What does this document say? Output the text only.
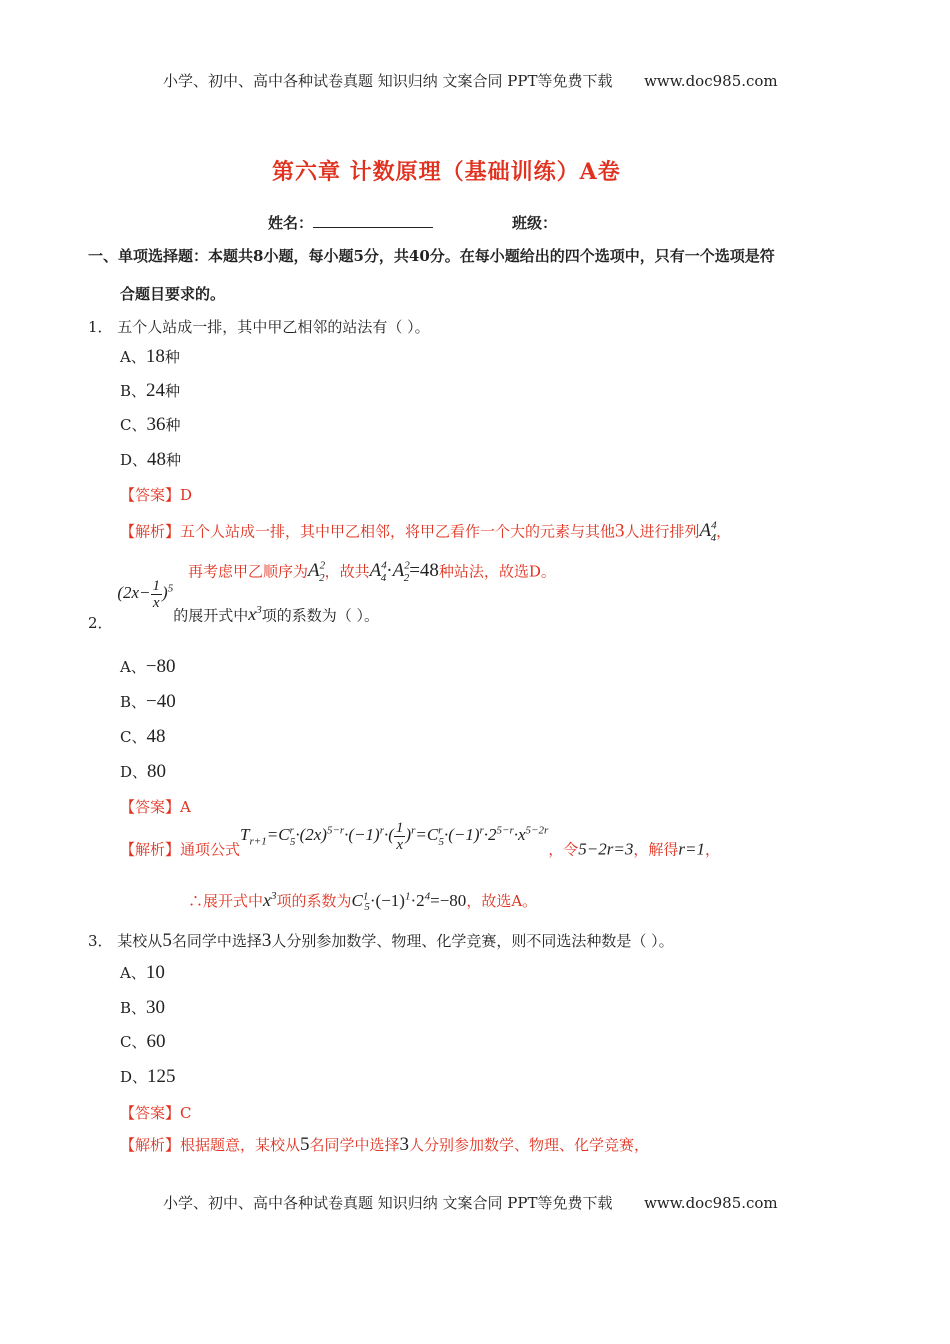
小学、初中、高中各种试卷真题 知识归纳 文案合同 PPT等免费下载 www.doc985.com
第六章 计数原理（基础训练）A卷
姓名：	班级：
一、单项选择题：本题共8小题，每小题5分，共40分。在每小题给出的四个选项中，只有一个选项是符
合题目要求的。
1． 五个人站成一排，其中甲乙相邻的站法有（ ）。
A、18种
B、24种
C、36种
D、48种
【答案】D
【解析】五个人站成一排，其中甲乙相邻，将甲乙看作一个大的元素与其他3人进行排列$A^4_4$，
再考虑甲乙顺序为$A^2_2$，故共$A^4_4\cdot A^2_2=48$种站法，故选D。
2． $(2x- \frac{1}{x} )^5$的展开式中$x^3$项的系数为（ ）。
A、−80
B、−40
C、48
D、80
【答案】A
【解析】通项公式$T_{r+1}=C^r_5\cdot(2x)^{5-r}\cdot(-1)^r\cdot( \frac{1}{x} )^r=C^r_5\cdot(-1)^r\cdot 2^{5-r}\cdot x^{5-2r}$，令5−2r=3，解得r=1，
∴展开式中$x^3$项的系数为$C^1_5\cdot(-1)^1\cdot 2^4=-80$，故选A。
3． 某校从5名同学中选择3人分别参加数学、物理、化学竞赛，则不同选法种数是（ ）。
A、10
B、30
C、60
D、125
【答案】C
【解析】根据题意，某校从5名同学中选择3人分别参加数学、物理、化学竞赛，
小学、初中、高中各种试卷真题 知识归纳 文案合同 PPT等免费下载 www.doc985.com
